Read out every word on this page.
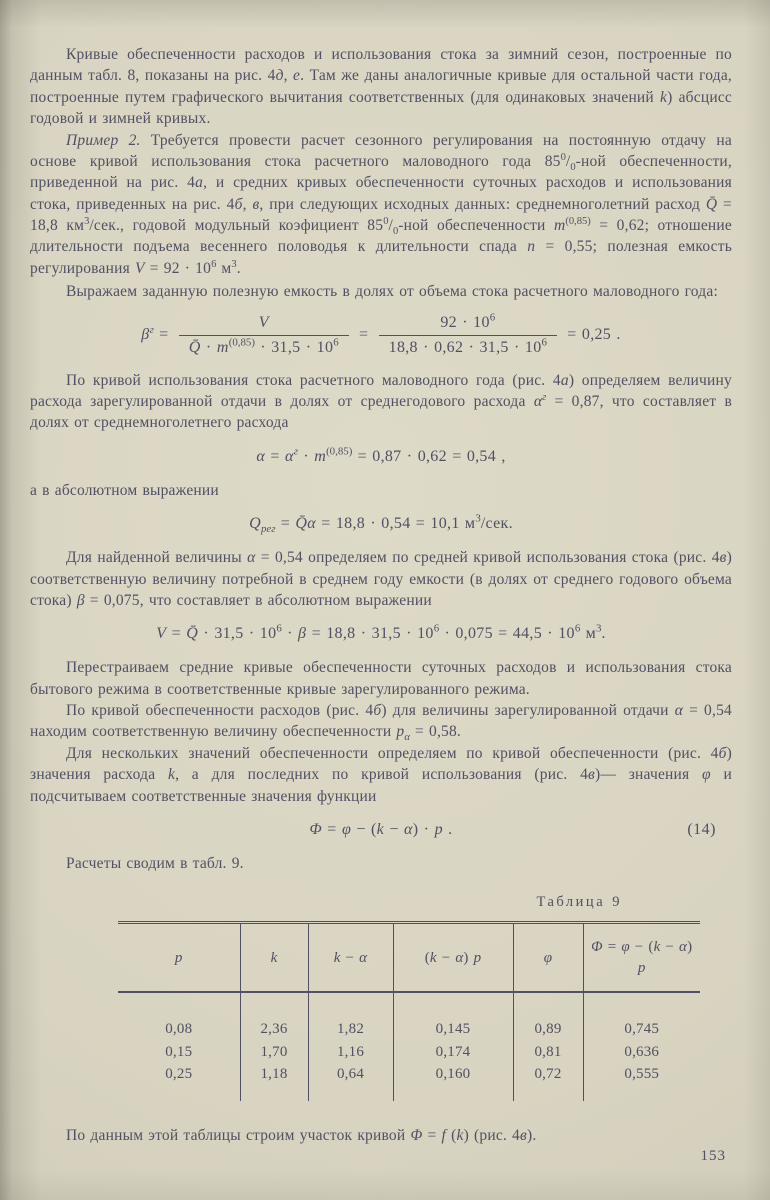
Кривые обеспеченности расходов и использования стока за зимний сезон, построенные по данным табл. 8, показаны на рис. 4д, е. Там же даны аналогичные кривые для остальной части года, построенные путем графического вычитания соответственных (для одинаковых значений k) абсцисс годовой и зимней кривых.

Пример 2. Требуется провести расчет сезонного регулирования на постоянную отдачу на основе кривой использования стока расчетного маловодного года $85^0/_0$-ной обеспеченности, приведенной на рис. 4а, и средних кривых обеспеченности суточных расходов и использования стока, приведенных на рис. 4б, в, при следующих исходных данных: среднемноголетний расход Q̄ = 18,8 $км^3$/сек., годовой модульный коэфициент $85^0/_0$-ной обеспеченности $m^{(0,85)} = 0,62$; отношение длительности подъема весеннего половодья к длительности спада n = 0,55; полезная емкость регулирования $V = 92 \cdot 10^6$ $м^3$.

Выражаем заданную полезную емкость в долях от объема стока расчетного маловодного года:

$\beta^г = \frac{V}{Q̄ \cdot m^{(0,85)} \cdot 31,5 \cdot 10^6} = \frac{92 \cdot 10^6}{18,8 \cdot 0,62 \cdot 31,5 \cdot 10^6} = 0,25$ .

По кривой использования стока расчетного маловодного года (рис. 4а) определяем величину расхода зарегулированной отдачи в долях от среднегодового расхода $\alpha^г = 0,87$, что составляет в долях от среднемноголетнего расхода

$\alpha = \alpha^г \cdot m^{(0,85)} = 0,87 \cdot 0,62 = 0,54$ ,

а в абсолютном выражении

$Q_{рег}$ = Q̄α = 18,8 · 0,54 = 10,1 $м^3$/сек.

Для найденной величины α = 0,54 определяем по средней кривой использования стока (рис. 4в) соответственную величину потребной в среднем году емкости (в долях от среднего годового объема стока) β = 0,075, что составляет в абсолютном выражении

V = Q̄ · $31,5 \cdot 10^6 \cdot \beta = 18,8 \cdot 31,5 \cdot 10^6 \cdot 0,075 = 44,5 \cdot 10^6$ $м^3$.

Перестраиваем средние кривые обеспеченности суточных расходов и использования стока бытового режима в соответственные кривые зарегулированного режима.

По кривой обеспеченности расходов (рис. 4б) для величины зарегулированной отдачи α = 0,54 находим соответственную величину обеспеченности $p_\alpha = 0,58$.

Для нескольких значений обеспеченности определяем по кривой обеспеченности (рис. 4б) значения расхода k, а для последних по кривой использования (рис. 4в)— значения φ и подсчитываем соответственные значения функции

Φ = φ − (k − α) · p .	(14)

Расчеты сводим в табл. 9.

Таблица 9
p	k	k − α	(k − α) p	φ	Φ = φ − (k − α) p
0,08	2,36	1,82	0,145	0,89	0,745
0,15	1,70	1,16	0,174	0,81	0,636
0,25	1,18	0,64	0,160	0,72	0,555

По данным этой таблицы строим участок кривой Φ = f (k) (рис. 4в).

153
